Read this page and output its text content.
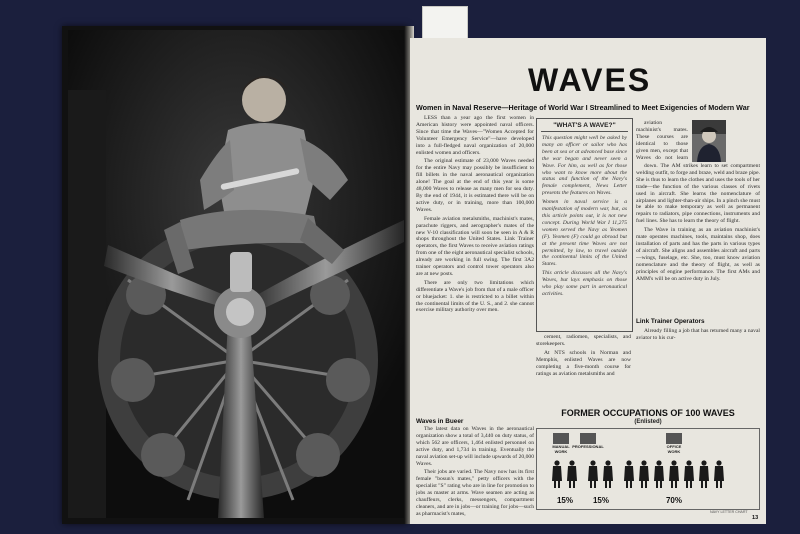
WAVES
Women in Naval Reserve—Heritage of World War I Streamlined to Meet Exigencies of Modern War

LESS than a year ago the first women in American history were appointed naval officers. Since that time the Waves—"Women Accepted for Volunteer Emergency Service"—have developed into a full-fledged naval organization of 20,000 enlisted women and officers.

The original estimate of 23,000 Waves needed for the entire Navy may possibly be insufficient to fill billets in the naval aeronautical organization alone! The goal at the end of this year is some 48,000 Waves to release as many men for sea duty. By the end of 1944, it is estimated there will be on active duty, or in training, more than 100,000 Waves.

Female aviation metalsmiths, machinist's mates, parachute riggers, and aerographer's mates of the new V-10 classification will soon be seen in A & R shops throughout the United States. Link Trainer operators, the first Waves to receive aviation ratings from one of the eight aeronautical specialist schools, already are working in full swing. The first 3A2 trainer operators and control tower operators also are at new posts.

There are only two limitations which differentiate a Wave's job from that of a male officer or bluejacket: 1. she is restricted to a billet within the continental limits of the U. S., and 2. she cannot exercise military authority over men.

Waves in Bueer

The latest data on Waves in the aeronautical organization show a total of 3,440 on duty status, of which 562 are officers, 1,464 enlisted personnel on active duty, and 1,734 in training. Eventually the naval aviation set-up will include upwards of 20,000 Waves.

Their jobs are varied. The Navy now has its first female "bosun's mates," petty officers with the specialist "S" rating who are in line for promotion to jobs as master at arms. Wave seamen are acting as chauffeurs, clerks, messengers, compartment cleaners, and are in jobs—or training for jobs—such as pharmacist's mates,

"WHAT'S A WAVE?"

This question might well be asked by many an officer or sailor who has been at sea or at advanced base since the war began and never seen a Wave. For him, as well as for those who want to know more about the status and function of the Navy's female complement, News Letter presents the features on Waves.

Women in naval service is a manifestation of modern war, but, as this article points out, it is not new concept. During World War I 11,275 women served the Navy as Yeomen (F). Yeomen (F) could go abroad but at the present time Waves are not permitted, by law, to travel outside the continental limits of the United States.

This article discusses all the Navy's Waves, but lays emphasis on those who play some part in aeronautical activities.

cement, radiomen, specialists, and storekeepers.

At NTS schools in Norman and Memphis, enlisted Waves are now completing a five-month course for ratings as aviation metalsmiths and

aviation machinist's mates. These courses are identical to those given men, except that Waves do not learn

down. The AM strikes learn to set compartment welding outfit, to forge and braze, weld and braze pipe. She is thus to learn the clothes and uses the tools of her trade—the function of the various classes of rivets used in aircraft. She learns the nomenclature of airplanes and lighter-than-air ships. In a pinch she must be able to make temporary as well as permanent repairs to radiators, pipe connections, instruments and fuel lines. She has to learn the theory of flight.

The Wave in training as an aviation machinist's mate operates machines, tools, maintains shop, does installation of parts and has the parts in various types of aircraft. She aligns and assembles aircraft and parts—wings, fuselage, etc. She, too, must know aviation nomenclature and the theory of flight, as well as principles of engine performance. The first AMs and AMM's will be on active duty in July.

Link Trainer Operators

Already filling a job that has returned many a naval aviator to his cur-

FORMER OCCUPATIONS OF 100 WAVES
(Enlisted)
MANUAL
WORK
15%
PROFESSIONAL
15%
OFFICE
WORK
70%
NAVY LETTER CHART
13
